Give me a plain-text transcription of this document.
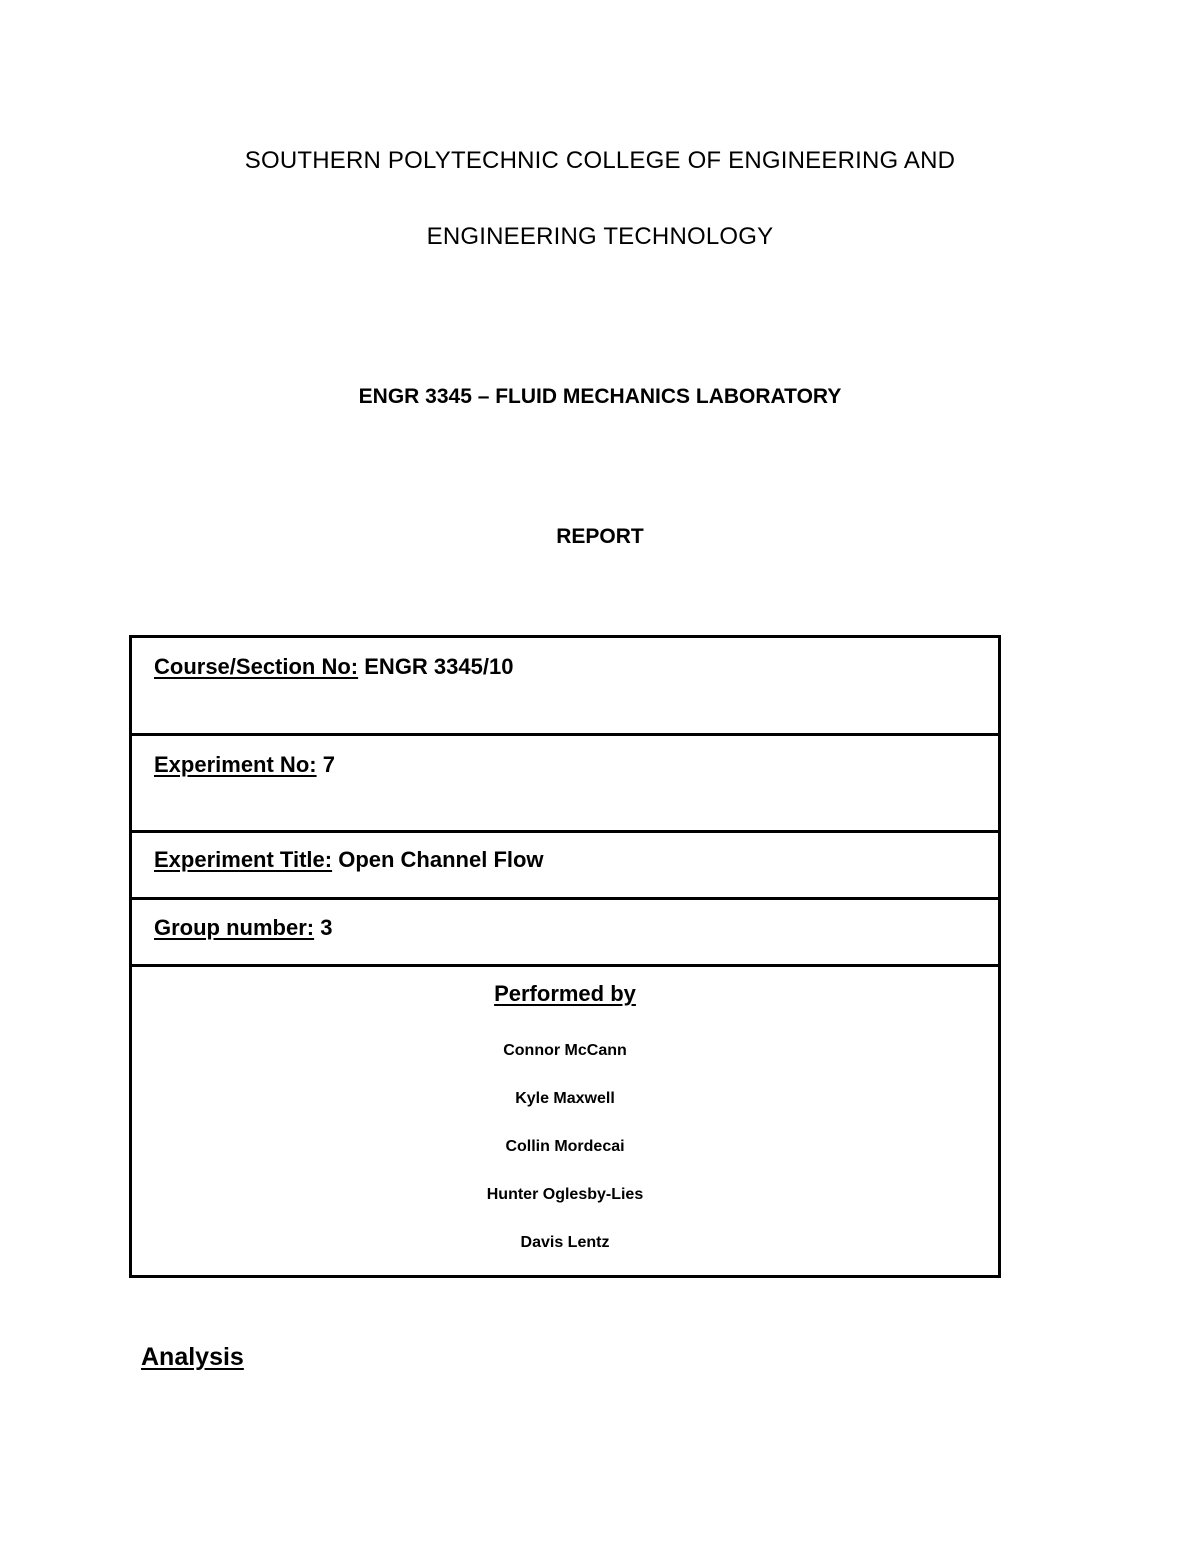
SOUTHERN POLYTECHNIC COLLEGE OF ENGINEERING AND
ENGINEERING TECHNOLOGY
ENGR 3345 – FLUID MECHANICS LABORATORY
REPORT
Course/Section No: ENGR 3345/10
Experiment No: 7
Experiment Title: Open Channel Flow
Group number: 3
Performed by
Connor McCann
Kyle Maxwell
Collin Mordecai
Hunter Oglesby-Lies
Davis Lentz
Analysis
